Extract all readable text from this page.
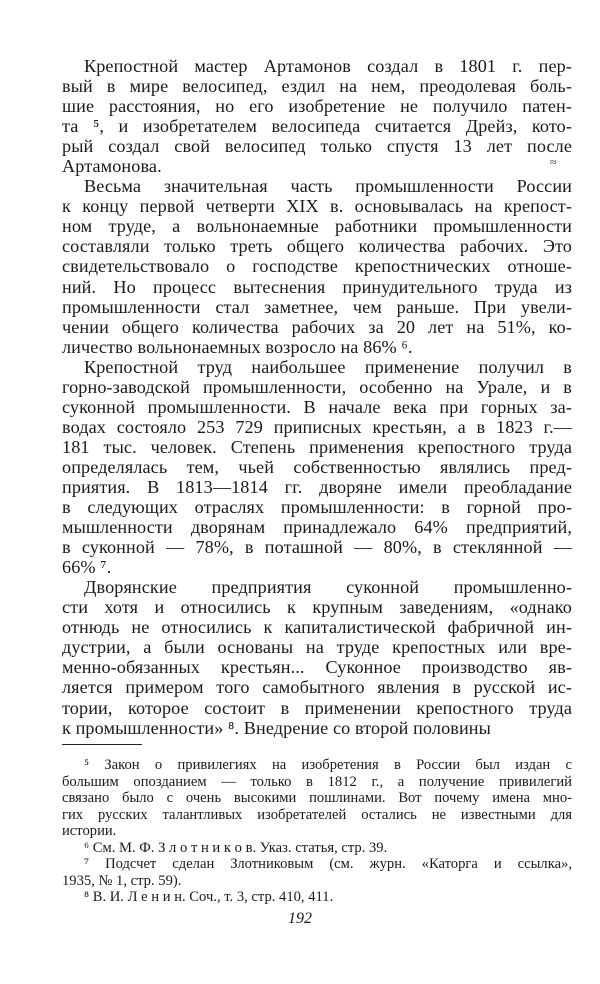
Крепостной мастер Артамонов создал в 1801 г. пер-
вый в мире велосипед, ездил на нем, преодолевая боль-
шие расстояния, но его изобретение не получило патен-
та ⁵, и изобретателем велосипеда считается Дрейз, кото-
рый создал свой велосипед только спустя 13 лет после
Артамонова.
Весьма значительная часть промышленности России
к концу первой четверти XIX в. основывалась на крепост-
ном труде, а вольнонаемные работники промышленности
составляли только треть общего количества рабочих. Это
свидетельствовало о господстве крепостнических отноше-
ний. Но процесс вытеснения принудительного труда из
промышленности стал заметнее, чем раньше. При увели-
чении общего количества рабочих за 20 лет на 51%, ко-
личество вольнонаемных возросло на 86% ⁶.
Крепостной труд наибольшее применение получил в
горно-заводской промышленности, особенно на Урале, и в
суконной промышленности. В начале века при горных за-
водах состояло 253 729 приписных крестьян, а в 1823 г.—
181 тыс. человек. Степень применения крепостного труда
определялась тем, чьей собственностью являлись пред-
приятия. В 1813—1814 гг. дворяне имели преобладание
в следующих отраслях промышленности: в горной про-
мышленности дворянам принадлежало 64% предприятий,
в суконной — 78%, в поташной — 80%, в стеклянной —
66% ⁷.
Дворянские предприятия суконной промышленно-
сти хотя и относились к крупным заведениям, «однако
отнюдь не относились к капиталистической фабричной ин-
дустрии, а были основаны на труде крепостных или вре-
менно-обязанных крестьян... Суконное производство яв-
ляется примером того самобытного явления в русской ис-
тории, которое состоит в применении крепостного труда
к промышленности» ⁸. Внедрение со второй половины
≈
⁵ Закон о привилегиях на изобретения в России был издан с
большим опозданием — только в 1812 г., а получение привилегий
связано было с очень высокими пошлинами. Вот почему имена мно-
гих русских талантливых изобретателей остались не известными для
истории.
⁶ См. М. Ф. З л о т н и к о в. Указ. статья, стр. 39.
⁷ Подсчет сделан Злотниковым (см. журн. «Каторга и ссылка»,
1935, № 1, стр. 59).
⁸ В. И. Л е н и н. Соч., т. 3, стр. 410, 411.
192
